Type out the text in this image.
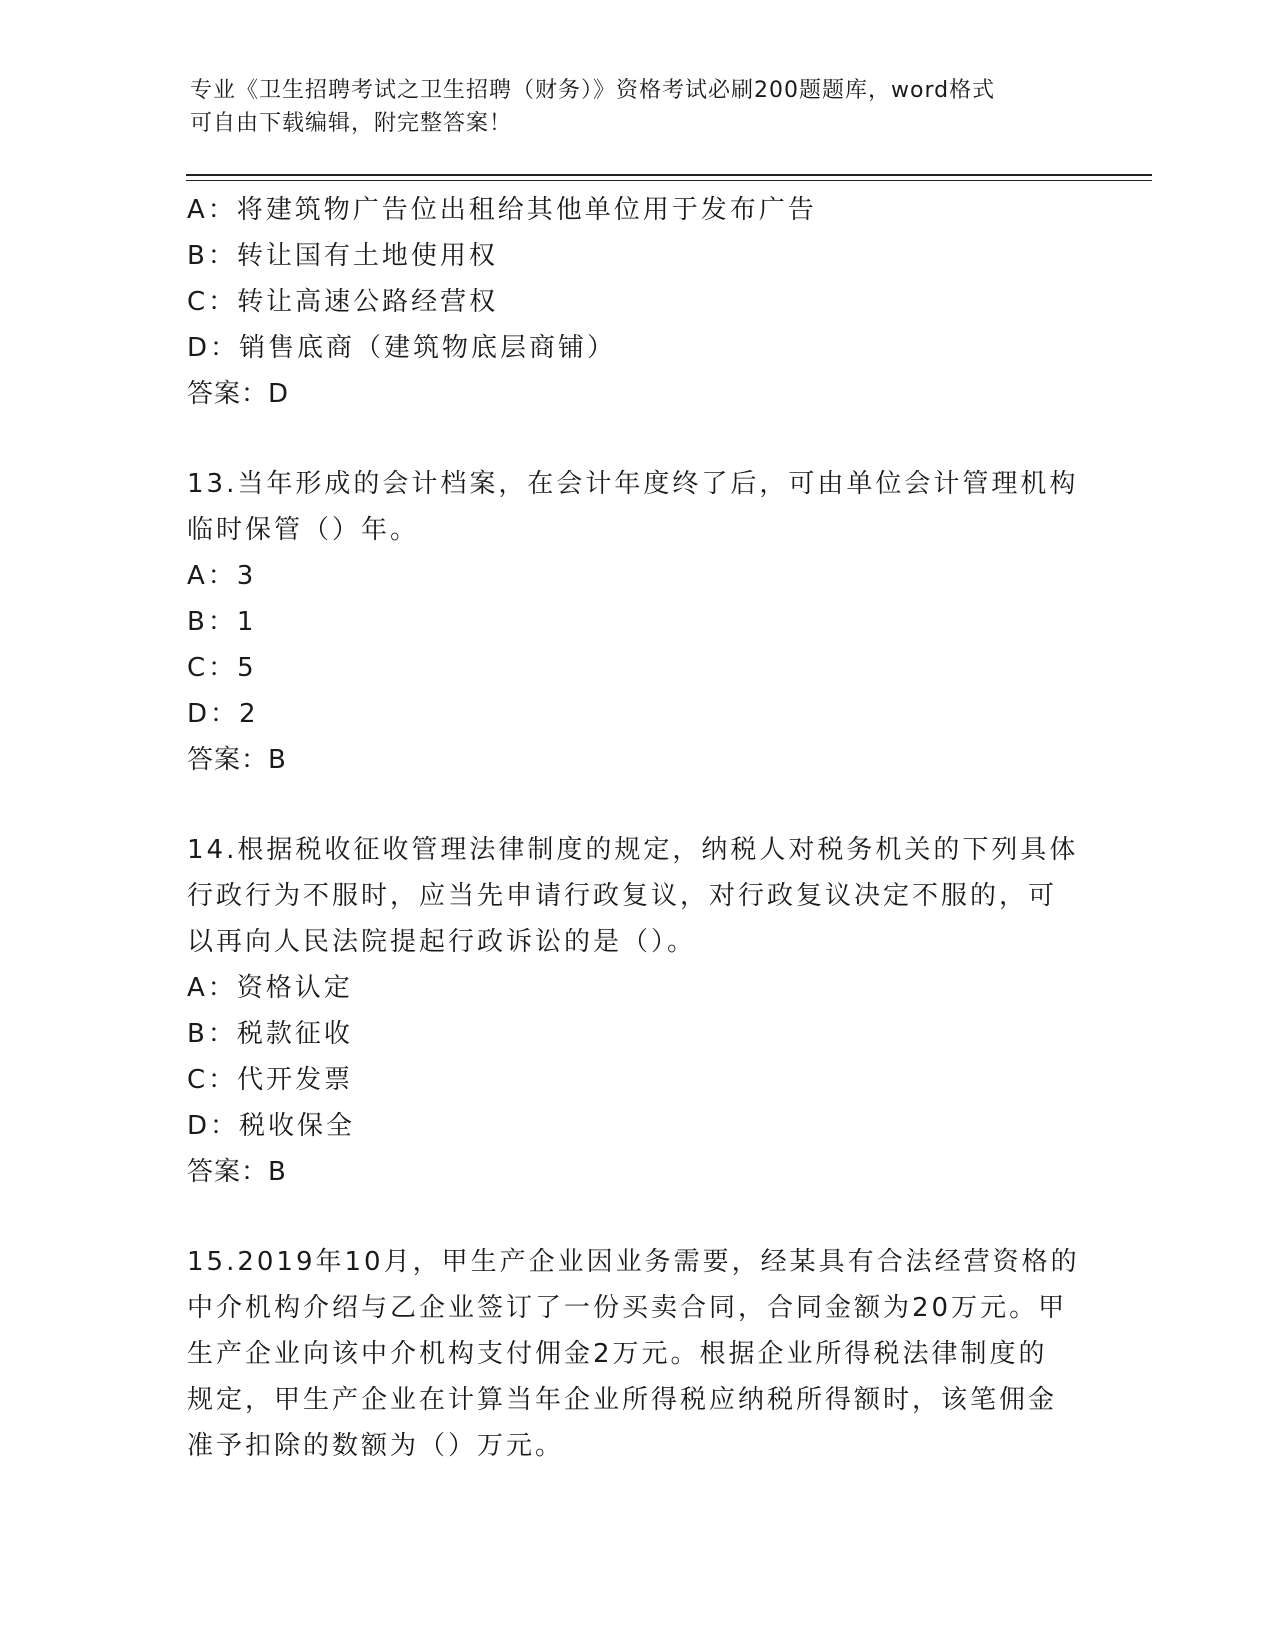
专业《卫生招聘考试之卫生招聘（财务）》资格考试必刷200题题库，word格式
可自由下载编辑，附完整答案！
A：将建筑物广告位出租给其他单位用于发布广告
B：转让国有土地使用权
C：转让高速公路经营权
D：销售底商（建筑物底层商铺）
答案：D
13.当年形成的会计档案，在会计年度终了后，可由单位会计管理机构
临时保管（）年。
A：3
B：1
C：5
D：2
答案：B
14.根据税收征收管理法律制度的规定，纳税人对税务机关的下列具体
行政行为不服时，应当先申请行政复议，对行政复议决定不服的，可
以再向人民法院提起行政诉讼的是（）。
A：资格认定
B：税款征收
C：代开发票
D：税收保全
答案：B
15.2019年10月，甲生产企业因业务需要，经某具有合法经营资格的
中介机构介绍与乙企业签订了一份买卖合同，合同金额为20万元。甲
生产企业向该中介机构支付佣金2万元。根据企业所得税法律制度的
规定，甲生产企业在计算当年企业所得税应纳税所得额时，该笔佣金
准予扣除的数额为（）万元。
